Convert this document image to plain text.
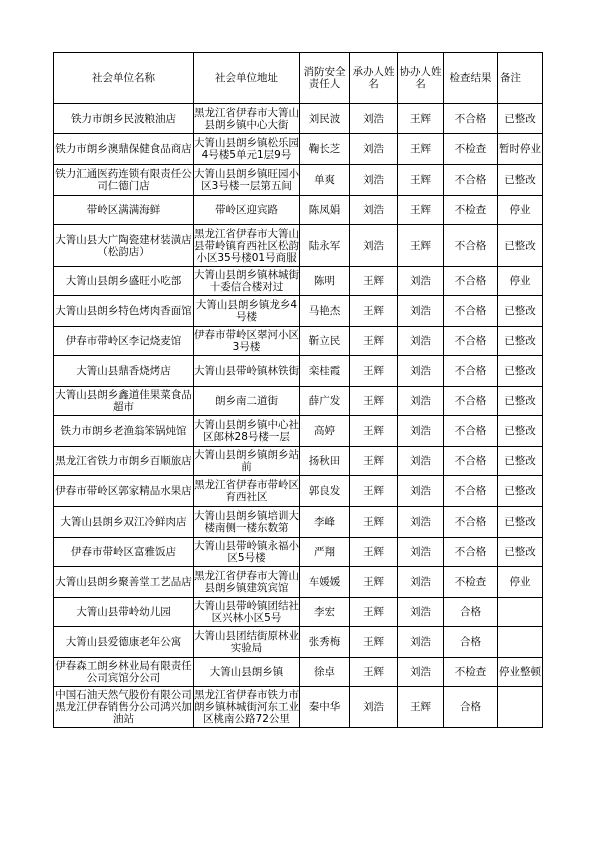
社会单位名称	社会单位地址	消防安全责任人	承办人姓名	协办人姓名	检查结果	备注

铁力市朗乡民波粮油店	黑龙江省伊春市大箐山县朗乡镇中心大街	刘民波	刘浩	王辉	不合格	已整改

铁力市朗乡澳鼎保健食品商店	大箐山县朗乡镇松乐园4号楼5单元1层9号	鞠长芝	刘浩	王辉	不检查	暂时停业

铁力汇通医药连锁有限责任公司仁德门店	大箐山县朗乡镇旺园小区3号楼一层第五间	单爽	刘浩	王辉	不合格	已整改

带岭区满满海鲜	带岭区迎宾路	陈凤娟	刘浩	王辉	不检查	停业

大箐山县大广陶瓷建材装潢店（松韵店）	黑龙江省伊春市大箐山县带岭镇育西社区松韵小区35号楼01号商服	陆永军	刘浩	王辉	不合格	已整改

大箐山县朗乡盛旺小吃部	大箐山县朗乡镇林城街十委信合楼对过	陈明	王辉	刘浩	不合格	停业

大箐山县朗乡特色烤肉香面馆	大箐山县朗乡镇龙乡4号楼	马艳杰	王辉	刘浩	不合格	已整改

伊春市带岭区李记烧麦馆	伊春市带岭区翠河小区3号楼	靳立民	王辉	刘浩	不合格	已整改

大箐山县鼎香烧烤店	大箐山县带岭镇林铁街	栾桂霞	王辉	刘浩	不合格	已整改

大箐山县朗乡鑫道佳果菜食品超市	朗乡南二道街	薛广发	王辉	刘浩	不合格	已整改

铁力市朗乡老渔翁笨锅炖馆	大箐山县朗乡镇中心社区郎林28号楼一层	高婷	王辉	刘浩	不合格	已整改

黑龙江省铁力市朗乡百顺旅店	大箐山县朗乡镇朗乡站前	扬秋田	王辉	刘浩	不合格	已整改

伊春市带岭区郭家精品水果店	黑龙江省伊春市带岭区育西社区	郭良发	王辉	刘浩	不合格	已整改

大箐山县朗乡双江冷鲜肉店	大箐山县朗乡镇培训大楼南侧一楼东数第	李峰	王辉	刘浩	不合格	已整改

伊春市带岭区富雅饭店	大箐山县带岭镇永福小区5号楼	严翔	王辉	刘浩	不合格	已整改

大箐山县朗乡聚善堂工艺品店	黑龙江省伊春市大箐山县朗乡镇建筑宾馆	车媛媛	王辉	刘浩	不检查	停业

大箐山县带岭幼儿园	大箐山县带岭镇团结社区兴林小区5号	李宏	王辉	刘浩	合格	

大箐山县爱德康老年公寓	大箐山县团结街原林业实验局	张秀梅	王辉	刘浩	合格	

伊春森工朗乡林业局有限责任公司宾馆分公司	大箐山县朗乡镇	徐卓	王辉	刘浩	不检查	停业整顿

中国石油天然气股份有限公司黑龙江伊春销售分公司鸿兴加油站	黑龙江省伊春市铁力市朗乡镇林城街河东工业区桃南公路72公里	秦中华	刘浩	王辉	合格	
